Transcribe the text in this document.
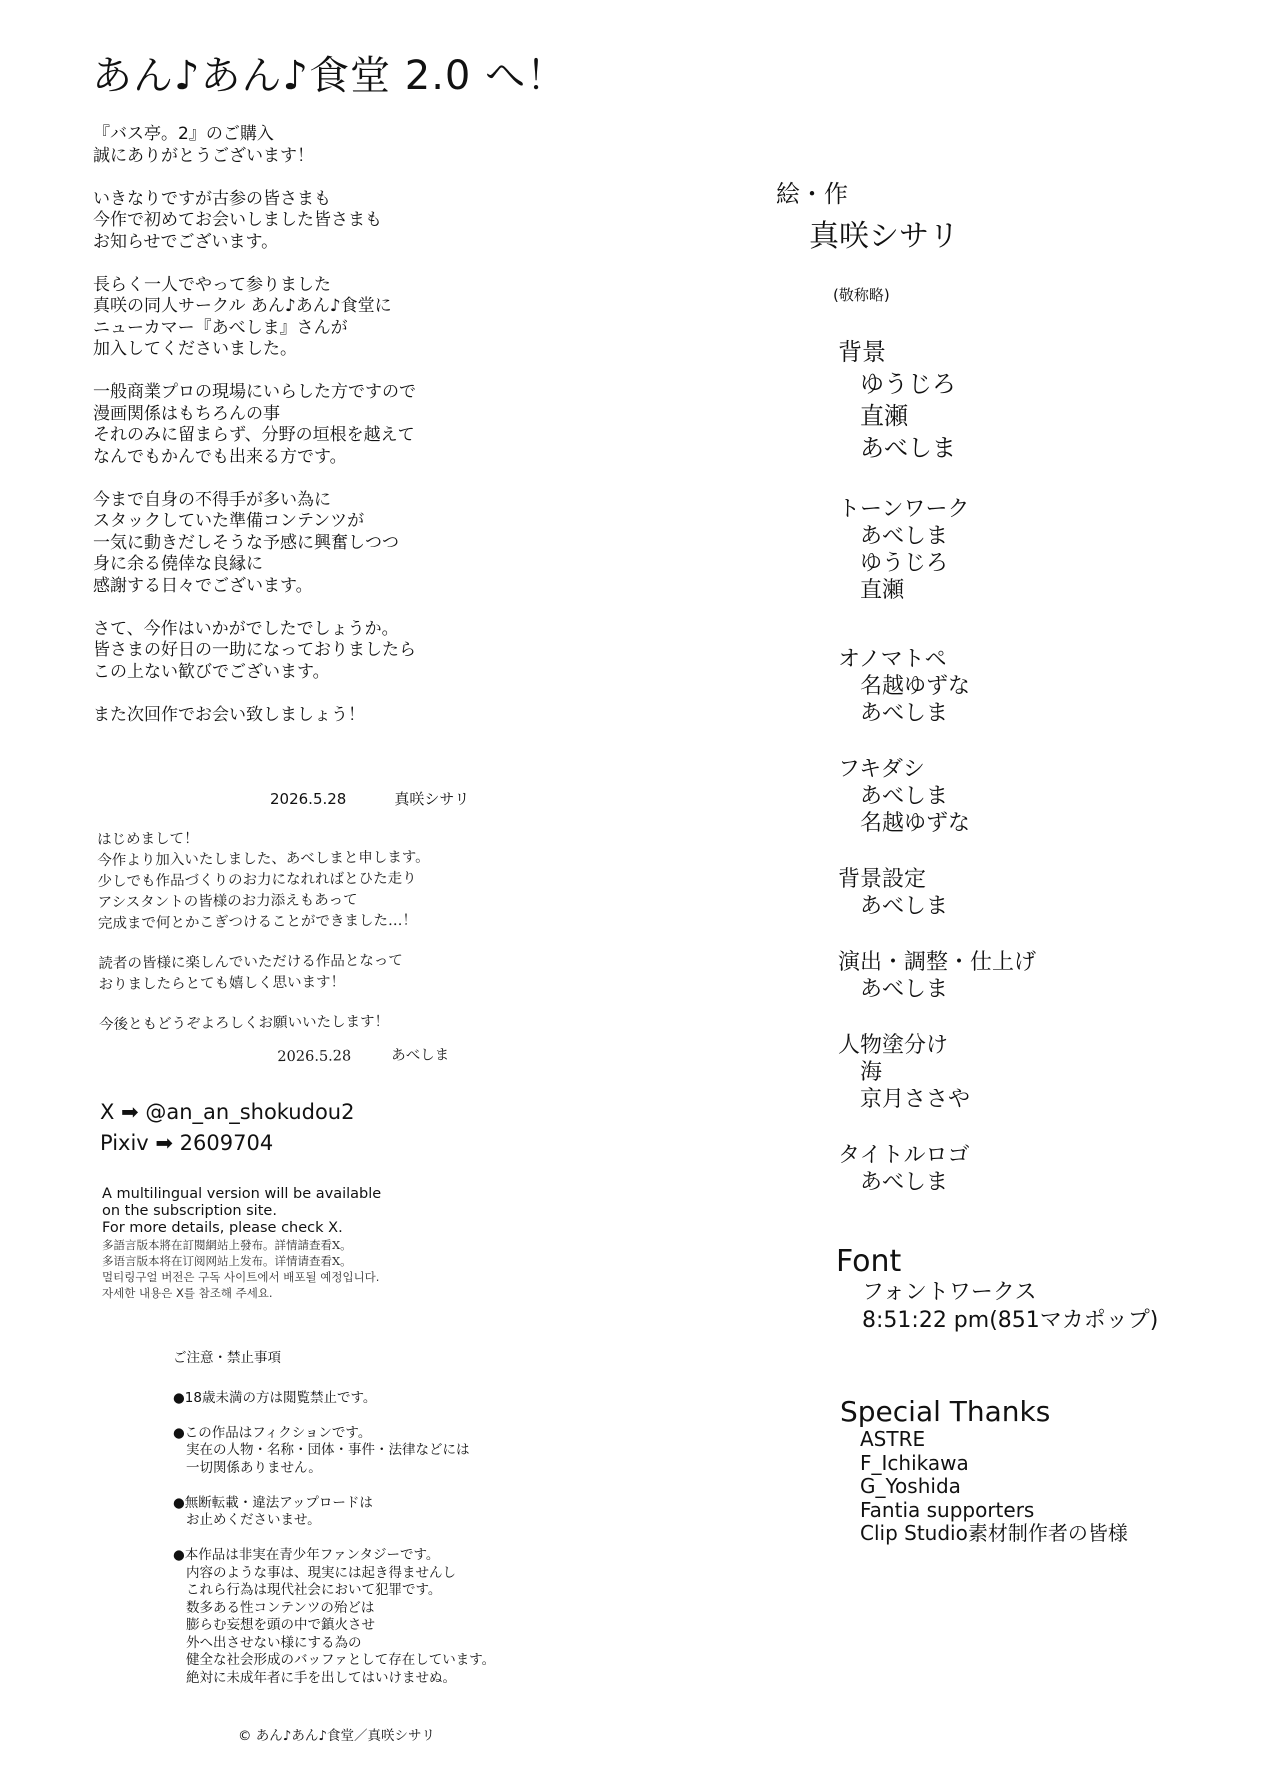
あん♪あん♪食堂 2.0 へ！

『バス亭。2』のご購入
誠にありがとうございます！

いきなりですが古参の皆さまも
今作で初めてお会いしました皆さまも
お知らせでございます。

長らく一人でやって参りました
真咲の同人サークル あん♪あん♪食堂に
ニューカマー『あべしま』さんが
加入してくださいました。

一般商業プロの現場にいらした方ですので
漫画関係はもちろんの事
それのみに留まらず、分野の垣根を越えて
なんでもかんでも出来る方です。

今まで自身の不得手が多い為に
スタックしていた準備コンテンツが
一気に動きだしそうな予感に興奮しつつ
身に余る僥倖な良縁に
感謝する日々でございます。

さて、今作はいかがでしたでしょうか。
皆さまの好日の一助になっておりましたら
この上ない歓びでございます。

また次回作でお会い致しましょう！

2026.5.28	真咲シサリ
はじめまして！
今作より加入いたしました、あべしまと申します。
少しでも作品づくりのお力になれればとひた走り
アシスタントの皆様のお力添えもあって
完成まで何とかこぎつけることができました…！
読者の皆様に楽しんでいただける作品となって
おりましたらとても嬉しく思います！
今後ともどうぞよろしくお願いいたします！
2026.5.28	あべしま
X ➡ @an_an_shokudou2
Pixiv ➡ 2609704
A multilingual version will be available
on the subscription site.
For more details, please check X.
多語言版本將在訂閱網站上發布。詳情請查看X。
多语言版本将在订阅网站上发布。详情请查看X。
멀티링구얼 버전은 구독 사이트에서 배포될 예정입니다.
자세한 내용은 X를 참조해 주세요.
ご注意・禁止事項
●18歳未満の方は閲覧禁止です。
●この作品はフィクションです。
実在の人物・名称・団体・事件・法律などには
一切関係ありません。
●無断転載・違法アップロードは
お止めくださいませ。
●本作品は非実在青少年ファンタジーです。
内容のような事は、現実には起き得ませんし
これら行為は現代社会において犯罪です。
数多ある性コンテンツの殆どは
膨らむ妄想を頭の中で鎮火させ
外へ出させない様にする為の
健全な社会形成のバッファとして存在しています。
絶対に未成年者に手を出してはいけませぬ。
© あん♪あん♪食堂／真咲シサリ
絵・作
真咲シサリ
(敬称略)
背景
ゆうじろ
直瀬
あべしま
トーンワーク
あべしま
ゆうじろ
直瀬
オノマトペ
名越ゆずな
あべしま
フキダシ
あべしま
名越ゆずな
背景設定
あべしま
演出・調整・仕上げ
あべしま
人物塗分け
海
京月ささや
タイトルロゴ
あべしま
Font
フォントワークス
8:51:22 pm(851マカポップ)
Special Thanks
ASTRE
F_Ichikawa
G_Yoshida
Fantia supporters
Clip Studio素材制作者の皆様
